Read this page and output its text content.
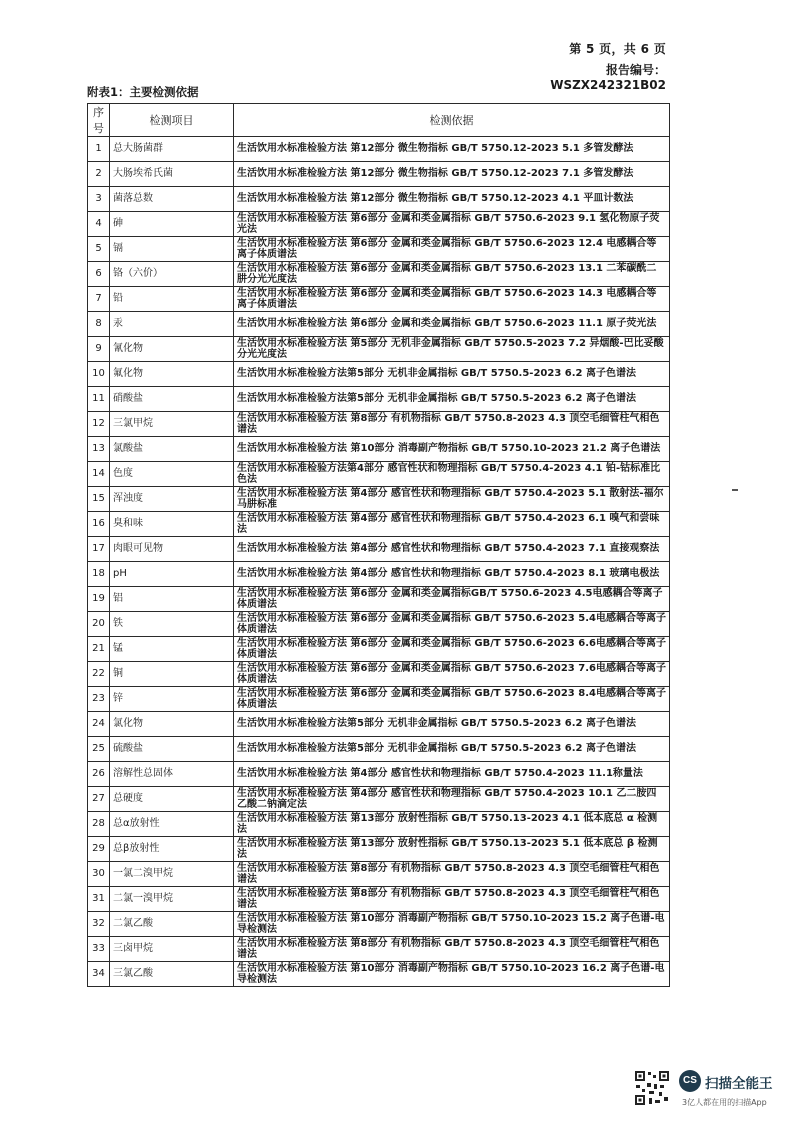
第 5 页，共 6 页
报告编号：WSZX242321B02
附表1：主要检测依据
序号	检测项目	检测依据
1	总大肠菌群	生活饮用水标准检验方法 第12部分 微生物指标 GB/T 5750.12-2023 5.1 多管发酵法
2	大肠埃希氏菌	生活饮用水标准检验方法 第12部分 微生物指标 GB/T 5750.12-2023 7.1 多管发酵法
3	菌落总数	生活饮用水标准检验方法 第12部分 微生物指标 GB/T 5750.12-2023 4.1 平皿计数法
4	砷	生活饮用水标准检验方法 第6部分 金属和类金属指标 GB/T 5750.6-2023 9.1 氢化物原子荧光法
5	镉	生活饮用水标准检验方法 第6部分 金属和类金属指标 GB/T 5750.6-2023 12.4 电感耦合等离子体质谱法
6	铬（六价）	生活饮用水标准检验方法 第6部分 金属和类金属指标 GB/T 5750.6-2023 13.1 二苯碳酰二肼分光光度法
7	铅	生活饮用水标准检验方法 第6部分 金属和类金属指标 GB/T 5750.6-2023 14.3 电感耦合等离子体质谱法
8	汞	生活饮用水标准检验方法 第6部分 金属和类金属指标 GB/T 5750.6-2023 11.1 原子荧光法
9	氰化物	生活饮用水标准检验方法 第5部分 无机非金属指标 GB/T 5750.5-2023 7.2 异烟酸-巴比妥酸分光光度法
10	氟化物	生活饮用水标准检验方法第5部分 无机非金属指标 GB/T 5750.5-2023 6.2 离子色谱法
11	硝酸盐	生活饮用水标准检验方法第5部分 无机非金属指标 GB/T 5750.5-2023 6.2 离子色谱法
12	三氯甲烷	生活饮用水标准检验方法 第8部分 有机物指标 GB/T 5750.8-2023 4.3 顶空毛细管柱气相色谱法
13	氯酸盐	生活饮用水标准检验方法 第10部分 消毒副产物指标 GB/T 5750.10-2023 21.2 离子色谱法
14	色度	生活饮用水标准检验方法第4部分 感官性状和物理指标 GB/T 5750.4-2023 4.1 铂-钴标准比色法
15	浑浊度	生活饮用水标准检验方法 第4部分 感官性状和物理指标 GB/T 5750.4-2023 5.1 散射法-福尔马肼标准
16	臭和味	生活饮用水标准检验方法 第4部分 感官性状和物理指标 GB/T 5750.4-2023 6.1 嗅气和尝味法
17	肉眼可见物	生活饮用水标准检验方法 第4部分 感官性状和物理指标 GB/T 5750.4-2023 7.1 直接观察法
18	pH	生活饮用水标准检验方法 第4部分 感官性状和物理指标 GB/T 5750.4-2023 8.1 玻璃电极法
19	铝	生活饮用水标准检验方法 第6部分 金属和类金属指标GB/T 5750.6-2023 4.5电感耦合等离子体质谱法
20	铁	生活饮用水标准检验方法 第6部分 金属和类金属指标 GB/T 5750.6-2023 5.4电感耦合等离子体质谱法
21	锰	生活饮用水标准检验方法 第6部分 金属和类金属指标 GB/T 5750.6-2023 6.6电感耦合等离子体质谱法
22	铜	生活饮用水标准检验方法 第6部分 金属和类金属指标 GB/T 5750.6-2023 7.6电感耦合等离子体质谱法
23	锌	生活饮用水标准检验方法 第6部分 金属和类金属指标 GB/T 5750.6-2023 8.4电感耦合等离子体质谱法
24	氯化物	生活饮用水标准检验方法第5部分 无机非金属指标 GB/T 5750.5-2023 6.2 离子色谱法
25	硫酸盐	生活饮用水标准检验方法第5部分 无机非金属指标 GB/T 5750.5-2023 6.2 离子色谱法
26	溶解性总固体	生活饮用水标准检验方法 第4部分 感官性状和物理指标 GB/T 5750.4-2023 11.1称量法
27	总硬度	生活饮用水标准检验方法 第4部分 感官性状和物理指标 GB/T 5750.4-2023 10.1 乙二胺四乙酸二钠滴定法
28	总α放射性	生活饮用水标准检验方法 第13部分 放射性指标 GB/T 5750.13-2023 4.1 低本底总 α 检测法
29	总β放射性	生活饮用水标准检验方法 第13部分 放射性指标 GB/T 5750.13-2023 5.1 低本底总 β 检测法
30	一氯二溴甲烷	生活饮用水标准检验方法 第8部分 有机物指标 GB/T 5750.8-2023 4.3 顶空毛细管柱气相色谱法
31	二氯一溴甲烷	生活饮用水标准检验方法 第8部分 有机物指标 GB/T 5750.8-2023 4.3 顶空毛细管柱气相色谱法
32	二氯乙酸	生活饮用水标准检验方法 第10部分 消毒副产物指标 GB/T 5750.10-2023 15.2 离子色谱-电导检测法
33	三卤甲烷	生活饮用水标准检验方法 第8部分 有机物指标 GB/T 5750.8-2023 4.3 顶空毛细管柱气相色谱法
34	三氯乙酸	生活饮用水标准检验方法 第10部分 消毒副产物指标 GB/T 5750.10-2023 16.2 离子色谱-电导检测法
CS 扫描全能王
3亿人都在用的扫描App
